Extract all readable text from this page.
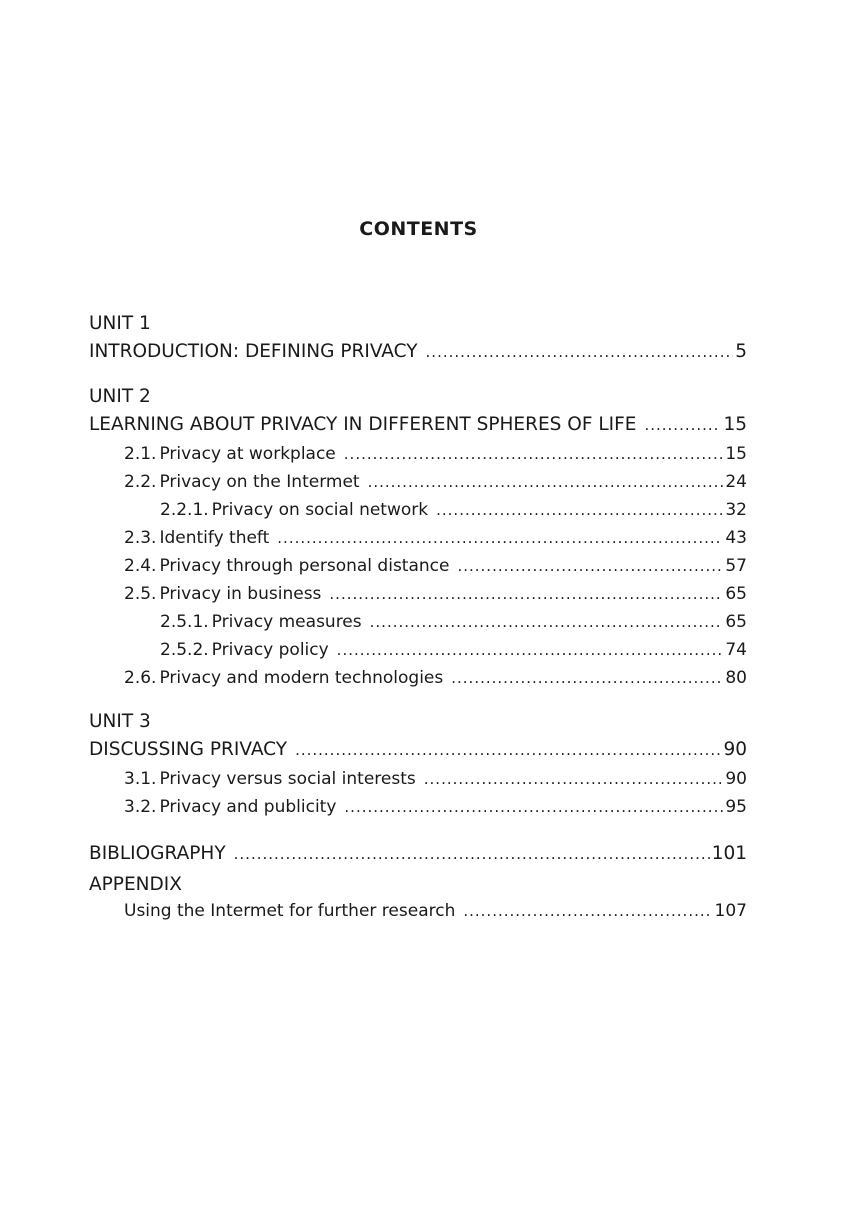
CONTENTS
UNIT 1
INTRODUCTION: DEFINING PRIVACY .....	5
UNIT 2
LEARNING ABOUT PRIVACY IN DIFFERENT SPHERES OF LIFE .....	15
2.1. Privacy at workplace .....	15
2.2. Privacy on the Intermet .....	24
2.2.1. Privacy on social network .....	32
2.3. Identify theft .....	43
2.4. Privacy through personal distance .....	57
2.5. Privacy in business .....	65
2.5.1. Privacy measures .....	65
2.5.2. Privacy policy .....	74
2.6. Privacy and modern technologies .....	80
UNIT 3
DISCUSSING PRIVACY .....	90
3.1. Privacy versus social interests .....	90
3.2. Privacy and publicity .....	95
BIBLIOGRAPHY .....	101
APPENDIX
Using the Intermet for further research .....	107
